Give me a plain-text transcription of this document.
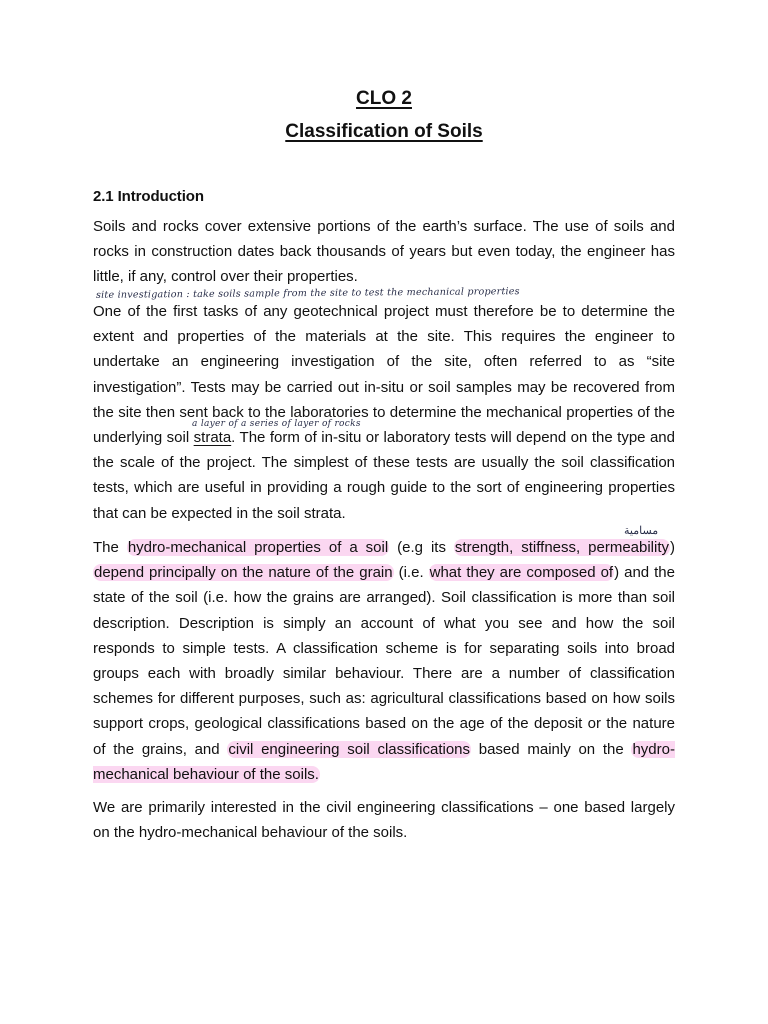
CLO 2
Classification of Soils
2.1 Introduction

Soils and rocks cover extensive portions of the earth’s surface. The use of soils and rocks in construction dates back thousands of years but even today, the engineer has little, if any, control over their properties.

site investigation : take soils sample from the site to test the mechanical properties

One of the first tasks of any geotechnical project must therefore be to determine the extent and properties of the materials at the site. This requires the engineer to undertake an engineering investigation of the site, often referred to as “site investigation”. Tests may be carried out in-situ or soil samples may be recovered from the site then sent back to the laboratories to determine the mechanical properties of the underlying soil strata. The form of in-situ or laboratory tests will depend on the type and the scale of the project. The simplest of these tests are usually the soil classification tests, which are useful in providing a rough guide to the sort of engineering properties that can be expected in the soil strata.

a layer of a series of layer of rocks
مسامية

The hydro-mechanical properties of a soil (e.g its strength, stiffness, permeability) depend principally on the nature of the grain (i.e. what they are composed of) and the state of the soil (i.e. how the grains are arranged). Soil classification is more than soil description. Description is simply an account of what you see and how the soil responds to simple tests. A classification scheme is for separating soils into broad groups each with broadly similar behaviour. There are a number of classification schemes for different purposes, such as: agricultural classifications based on how soils support crops, geological classifications based on the age of the deposit or the nature of the grains, and civil engineering soil classifications based mainly on the hydro-mechanical behaviour of the soils.

We are primarily interested in the civil engineering classifications – one based largely on the hydro-mechanical behaviour of the soils.
